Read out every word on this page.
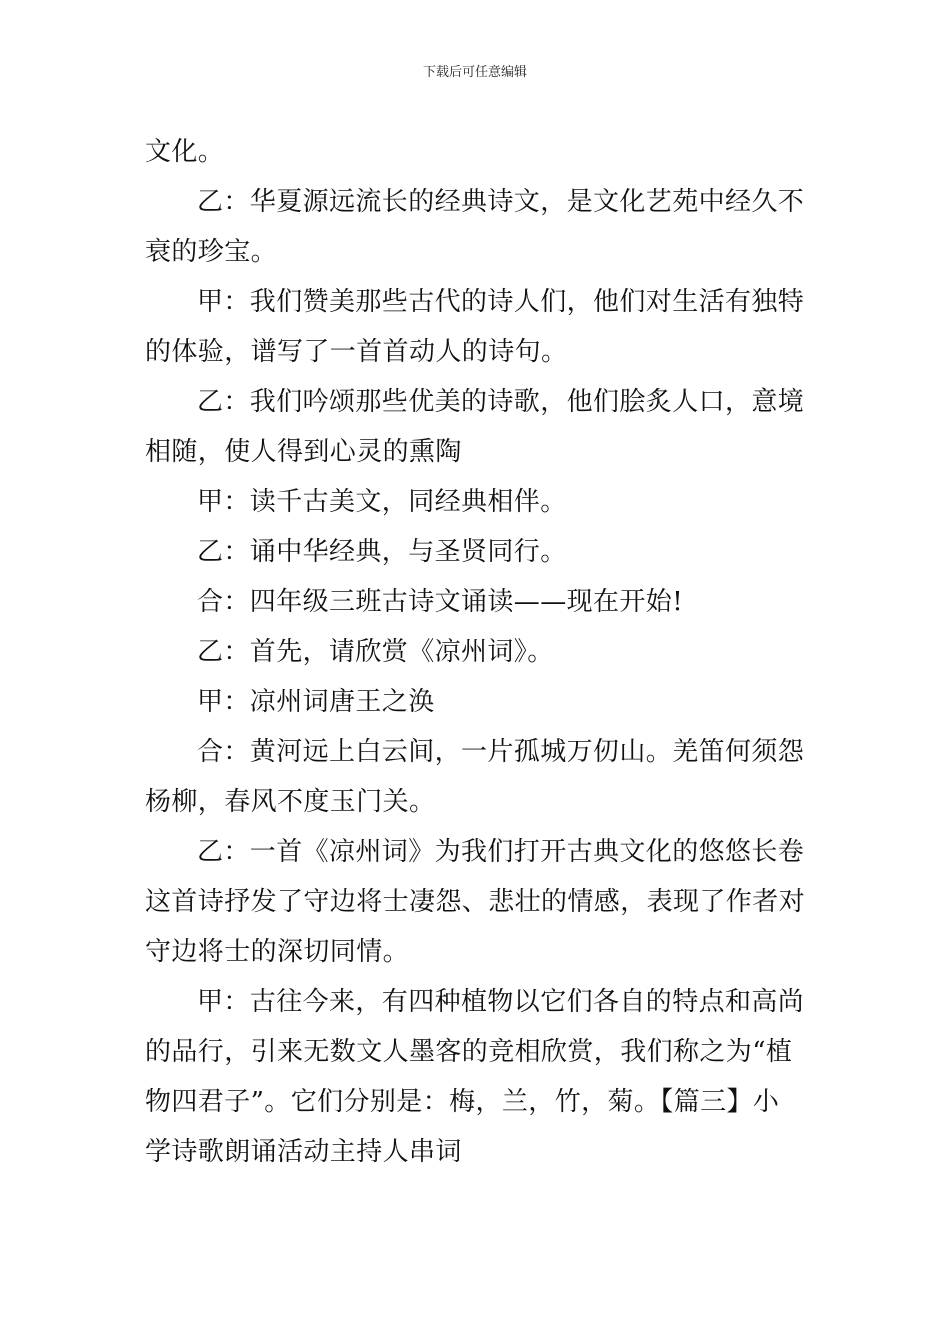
下载后可任意编辑
文化。
乙：华夏源远流长的经典诗文，是文化艺苑中经久不
衰的珍宝。
甲：我们赞美那些古代的诗人们，他们对生活有独特
的体验，谱写了一首首动人的诗句。
乙：我们吟颂那些优美的诗歌，他们脍炙人口，意境
相随，使人得到心灵的熏陶
甲：读千古美文，同经典相伴。
乙：诵中华经典，与圣贤同行。
合：四年级三班古诗文诵读——现在开始!
乙：首先，请欣赏《凉州词》。
甲：凉州词唐王之涣
合：黄河远上白云间，一片孤城万仞山。羌笛何须怨
杨柳，春风不度玉门关。
乙：一首《凉州词》为我们打开古典文化的悠悠长卷
这首诗抒发了守边将士凄怨、悲壮的情感，表现了作者对
守边将士的深切同情。
甲：古往今来，有四种植物以它们各自的特点和高尚
的品行，引来无数文人墨客的竞相欣赏，我们称之为“植
物四君子”。它们分别是：梅，兰，竹，菊。【篇三】小
学诗歌朗诵活动主持人串词
